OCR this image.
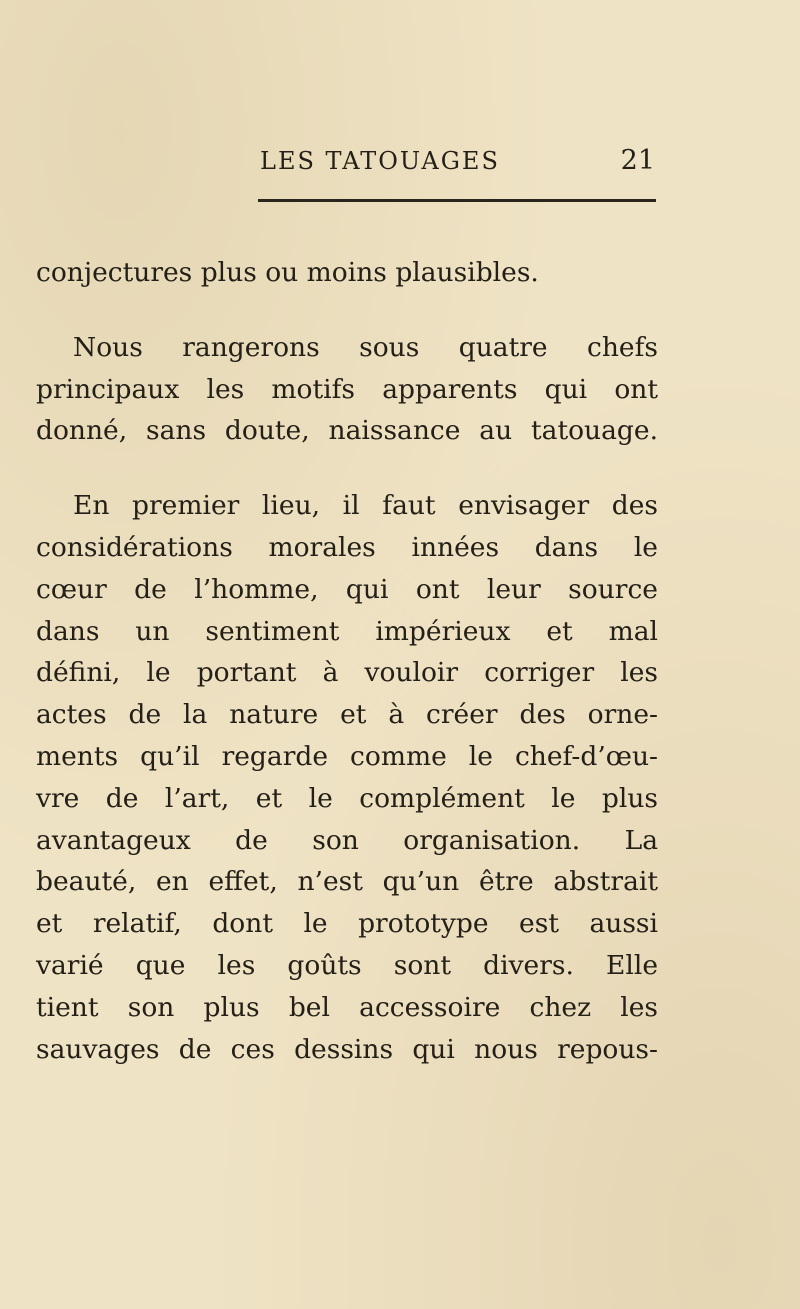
LES TATOUAGES	21
conjectures plus ou moins plausibles.
Nous rangerons sous quatre chefs
principaux les motifs apparents qui ont
donné, sans doute, naissance au tatouage.
En premier lieu, il faut envisager des
considérations morales innées dans le
cœur de l’homme, qui ont leur source
dans un sentiment impérieux et mal
défini, le portant à vouloir corriger les
actes de la nature et à créer des orne-
ments qu’il regarde comme le chef-d’œu-
vre de l’art, et le complément le plus
avantageux de son organisation. La
beauté, en effet, n’est qu’un être abstrait
et relatif, dont le prototype est aussi
varié que les goûts sont divers. Elle
tient son plus bel accessoire chez les
sauvages de ces dessins qui nous repous-
